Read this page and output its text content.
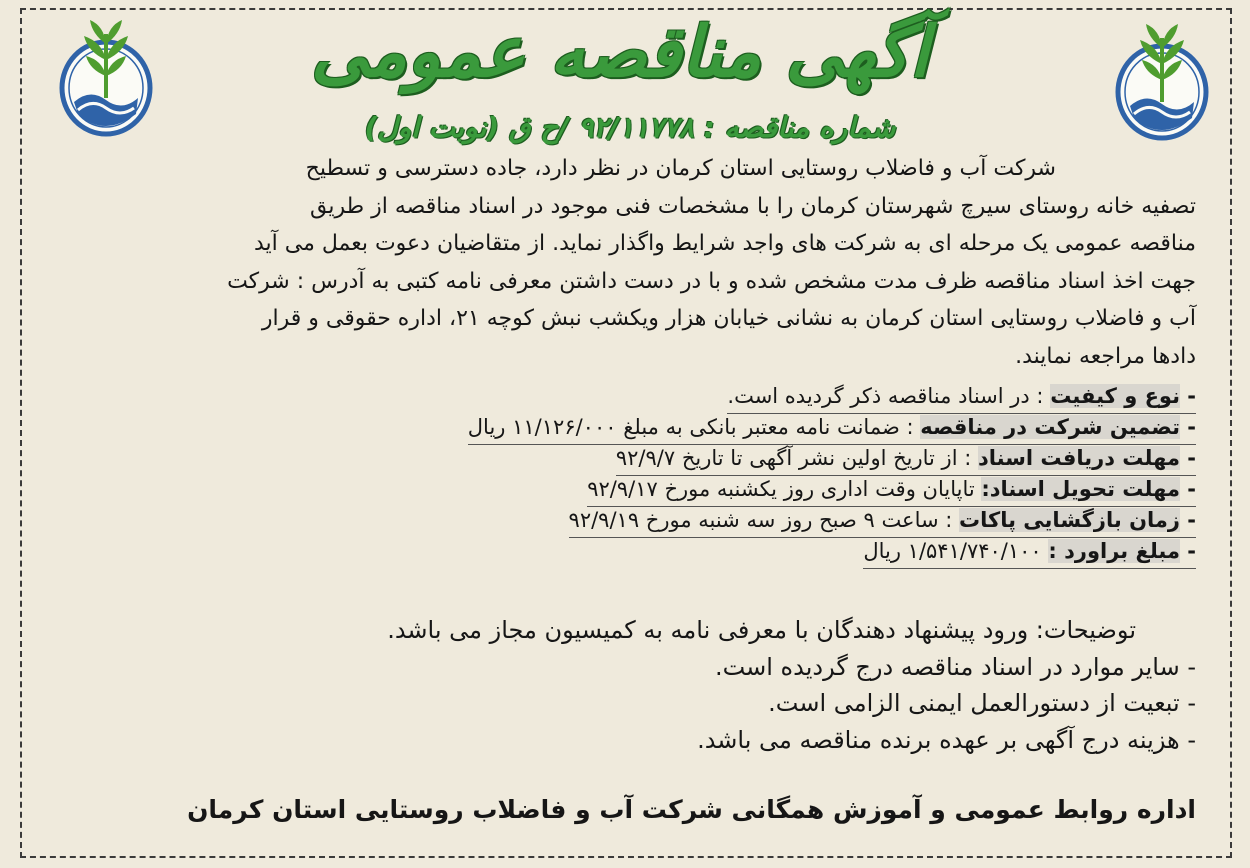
آگهی مناقصه عمومی
شماره مناقصه : ۹۲/۱۱۷۷۸ /ح ق (نوبت اول)
شرکت آب و فاضلاب روستایی استان کرمان در نظر دارد، جاده دسترسی و تسطیح
تصفیه خانه روستای سیرچ شهرستان کرمان را با مشخصات فنی موجود در اسناد مناقصه از طریق
مناقصه عمومی یک مرحله ای به شرکت های واجد شرایط واگذار نماید. از متقاضیان دعوت بعمل می آید
جهت اخذ اسناد مناقصه ظرف مدت مشخص شده و با در دست داشتن معرفی نامه کتبی به آدرس : شرکت
آب و فاضلاب روستایی استان کرمان به نشانی خیابان هزار ویکشب نبش کوچه ۲۱، اداره حقوقی و قرار
دادها مراجعه نمایند.
- نوع و کیفیت : در اسناد مناقصه ذکر گردیده است.
- تضمین شرکت در مناقصه : ضمانت نامه معتبر بانکی به مبلغ ۱۱/۱۲۶/۰۰۰ ریال
- مهلت دریافت اسناد : از تاریخ اولین نشر آگهی تا تاریخ ۹۲/۹/۷
- مهلت تحویل اسناد: تاپایان وقت اداری روز یکشنبه مورخ ۹۲/۹/۱۷
- زمان بازگشایی پاکات : ساعت ۹ صبح روز سه شنبه مورخ ۹۲/۹/۱۹
- مبلغ براورد : ۱/۵۴۱/۷۴۰/۱۰۰ ریال
توضیحات: ورود پیشنهاد دهندگان با معرفی نامه به کمیسیون مجاز می باشد.
- سایر موارد در اسناد مناقصه درج گردیده است.
- تبعیت از دستورالعمل ایمنی الزامی است.
- هزینه درج آگهی بر عهده برنده مناقصه می باشد.
اداره روابط عمومی و آموزش همگانی شرکت آب و فاضلاب روستایی استان کرمان
